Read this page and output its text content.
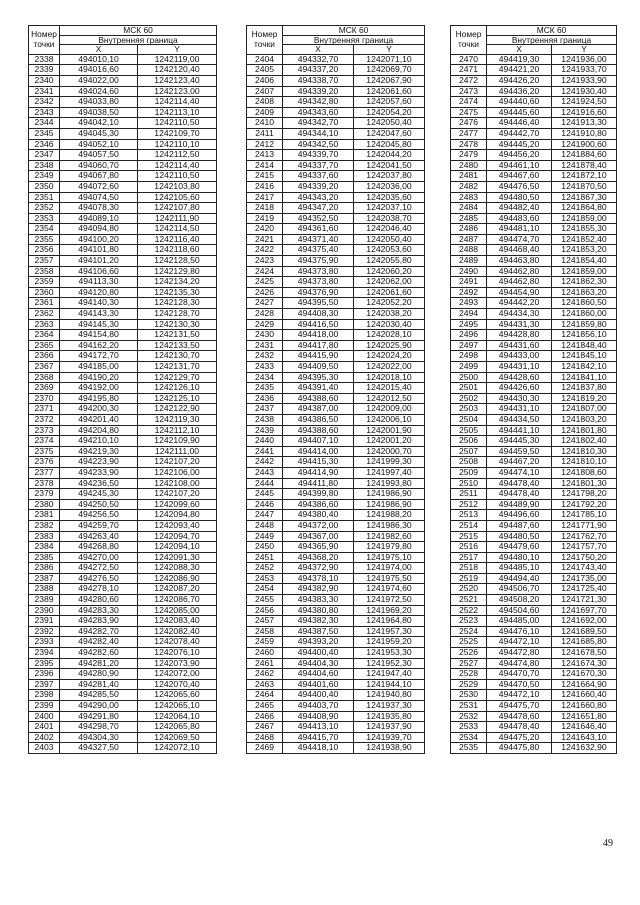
Номер
точки	МСК 60	
	Внутренняя граница	
	X	Y
2338	494010,10	1242119,00
2339	494016,60	1242120,40
2340	494022,00	1242123,40
2341	494024,60	1242123,00
2342	494033,80	1242114,40
2343	494038,50	1242113,10
2344	494042,10	1242110,50
2345	494045,30	1242109,70
2346	494052,10	1242110,10
2347	494057,50	1242112,50
2348	494060,70	1242114,40
2349	494067,80	1242110,50
2350	494072,60	1242103,80
2351	494074,50	1242105,60
2352	494078,30	1242107,80
2353	494089,10	1242111,90
2354	494094,80	1242114,50
2355	494100,20	1242116,40
2356	494101,80	1242118,60
2357	494101,20	1242128,50
2358	494106,60	1242129,80
2359	494113,30	1242134,20
2360	494120,80	1242135,30
2361	494140,30	1242128,30
2362	494143,30	1242128,70
2363	494145,30	1242130,30
2364	494154,80	1242131,50
2365	494162,20	1242133,50
2366	494172,70	1242130,70
2367	494185,00	1242131,70
2368	494190,20	1242129,70
2369	494192,00	1242126,10
2370	494195,80	1242125,10
2371	494200,30	1242122,90
2372	494201,40	1242119,30
2373	494204,80	1242112,10
2374	494210,10	1242109,90
2375	494219,30	1242111,00
2376	494223,90	1242107,20
2377	494233,90	1242106,00
2378	494236,50	1242108,00
2379	494245,30	1242107,20
2380	494250,50	1242099,60
2381	494256,50	1242094,80
2382	494259,70	1242093,40
2383	494263,40	1242094,70
2384	494268,80	1242094,10
2385	494270,00	1242091,30
2386	494272,50	1242088,30
2387	494276,50	1242086,90
2388	494278,10	1242087,20
2389	494280,60	1242086,70
2390	494283,30	1242085,00
2391	494283,90	1242083,40
2392	494282,70	1242082,40
2393	494282,40	1242078,40
2394	494282,60	1242076,10
2395	494281,20	1242073,90
2396	494280,90	1242072,00
2397	494281,40	1242070,40
2398	494285,50	1242065,60
2399	494290,00	1242065,10
2400	494291,80	1242064,10
2401	494298,70	1242065,80
2402	494304,30	1242069,50
2403	494327,50	1242072,10
Номер
точки	МСК 60	
	Внутренняя граница	
	X	Y
2404	494332,70	1242071,10
2405	494337,20	1242069,70
2406	494338,70	1242067,90
2407	494339,20	1242061,60
2408	494342,80	1242057,60
2409	494343,60	1242054,20
2410	494342,70	1242050,40
2411	494344,10	1242047,60
2412	494342,50	1242045,80
2413	494339,70	1242044,20
2414	494337,70	1242041,50
2415	494337,60	1242037,80
2416	494339,20	1242036,00
2417	494343,20	1242035,60
2418	494347,20	1242037,10
2419	494352,50	1242038,70
2420	494361,60	1242046,40
2421	494371,40	1242050,40
2422	494375,40	1242053,60
2423	494375,90	1242055,80
2424	494373,80	1242060,20
2425	494373,80	1242062,00
2426	494376,90	1242061,60
2427	494395,50	1242052,20
2428	494408,30	1242038,20
2429	494416,50	1242030,40
2430	494418,00	1242028,10
2431	494417,80	1242025,90
2432	494415,90	1242024,20
2433	494409,50	1242022,00
2434	494395,30	1242018,10
2435	494391,40	1242015,40
2436	494388,60	1242012,50
2437	494387,00	1242009,00
2438	494386,50	1242006,10
2439	494388,60	1242001,90
2440	494407,10	1242001,20
2441	494414,00	1242000,70
2442	494415,30	1241999,30
2443	494414,90	1241997,40
2444	494411,80	1241993,80
2445	494399,80	1241986,90
2446	494386,60	1241986,90
2447	494380,40	1241988,20
2448	494372,00	1241986,30
2449	494367,00	1241982,60
2450	494365,90	1241979,80
2451	494368,20	1241975,10
2452	494372,90	1241974,00
2453	494378,10	1241975,50
2454	494382,90	1241974,60
2455	494383,30	1241972,50
2456	494380,80	1241969,20
2457	494382,30	1241964,80
2458	494387,50	1241957,30
2459	494393,20	1241959,20
2460	494400,40	1241953,30
2461	494404,30	1241952,30
2462	494404,60	1241947,40
2463	494401,60	1241944,10
2464	494400,40	1241940,80
2465	494403,70	1241937,30
2466	494408,90	1241935,80
2467	494413,10	1241937,90
2468	494415,70	1241939,70
2469	494418,10	1241938,90
Номер
точки	МСК 60	
	Внутренняя граница	
	X	Y
2470	494419,30	1241936,00
2471	494421,20	1241933,70
2472	494426,20	1241933,90
2473	494436,20	1241930,40
2474	494440,60	1241924,50
2475	494445,60	1241916,60
2476	494446,40	1241913,30
2477	494442,70	1241910,80
2478	494445,20	1241900,60
2479	494456,20	1241884,60
2480	494461,10	1241878,40
2481	494467,60	1241872,10
2482	494476,50	1241870,50
2483	494480,50	1241867,30
2484	494482,40	1241864,80
2485	494483,60	1241859,00
2486	494481,10	1241855,30
2487	494474,70	1241852,40
2488	494468,40	1241853,20
2489	494463,80	1241854,40
2490	494462,80	1241859,00
2491	494462,80	1241862,30
2492	494454,90	1241863,20
2493	494442,20	1241860,50
2494	494434,30	1241860,00
2495	494431,30	1241859,80
2496	494428,80	1241856,10
2497	494431,60	1241848,40
2498	494433,00	1241845,10
2499	494431,10	1241842,10
2500	494428,60	1241841,10
2501	494426,60	1241837,80
2502	494430,30	1241819,20
2503	494431,10	1241807,00
2504	494434,50	1241803,20
2505	494441,10	1241801,80
2506	494445,30	1241802,40
2507	494459,50	1241810,30
2508	494467,20	1241810,10
2509	494474,10	1241808,60
2510	494478,40	1241801,30
2511	494478,40	1241798,20
2512	494489,90	1241792,20
2513	494496,60	1241785,10
2514	494487,60	1241771,90
2515	494480,50	1241762,70
2516	494479,60	1241757,70
2517	494480,10	1241750,20
2518	494485,10	1241743,40
2519	494494,40	1241735,00
2520	494506,70	1241725,40
2521	494508,20	1241721,30
2522	494504,60	1241697,70
2523	494485,00	1241692,00
2524	494476,10	1241689,50
2525	494472,10	1241685,80
2526	494472,80	1241678,50
2527	494474,80	1241674,30
2528	494470,70	1241670,30
2529	494470,50	1241664,90
2530	494472,10	1241660,40
2531	494475,70	1241660,80
2532	494478,60	1241651,80
2533	494478,40	1241646,40
2534	494475,20	1241643,10
2535	494475,80	1241632,90
49
